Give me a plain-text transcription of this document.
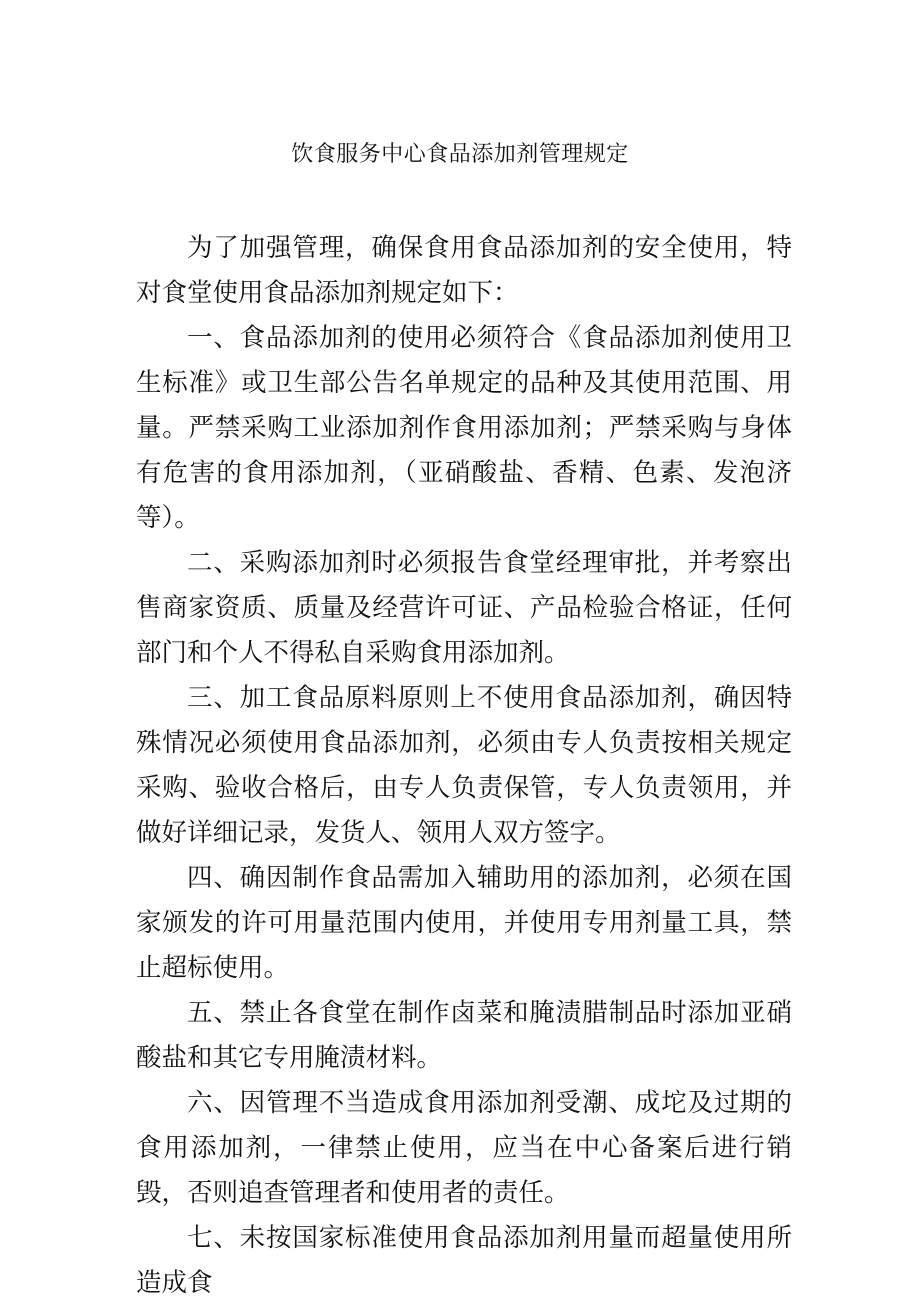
饮食服务中心食品添加剂管理规定

为了加强管理，确保食用食品添加剂的安全使用，特对食堂使用食品添加剂规定如下：

一、食品添加剂的使用必须符合《食品添加剂使用卫生标准》或卫生部公告名单规定的品种及其使用范围、用量。严禁采购工业添加剂作食用添加剂；严禁采购与身体有危害的食用添加剂，（亚硝酸盐、香精、色素、发泡济等）。

二、采购添加剂时必须报告食堂经理审批，并考察出售商家资质、质量及经营许可证、产品检验合格证，任何部门和个人不得私自采购食用添加剂。

三、加工食品原料原则上不使用食品添加剂，确因特殊情况必须使用食品添加剂，必须由专人负责按相关规定采购、验收合格后，由专人负责保管，专人负责领用，并做好详细记录，发货人、领用人双方签字。

四、确因制作食品需加入辅助用的添加剂，必须在国家颁发的许可用量范围内使用，并使用专用剂量工具，禁止超标使用。

五、禁止各食堂在制作卤菜和腌渍腊制品时添加亚硝酸盐和其它专用腌渍材料。

六、因管理不当造成食用添加剂受潮、成坨及过期的食用添加剂，一律禁止使用，应当在中心备案后进行销毁，否则追查管理者和使用者的责任。

七、未按国家标准使用食品添加剂用量而超量使用所造成食
